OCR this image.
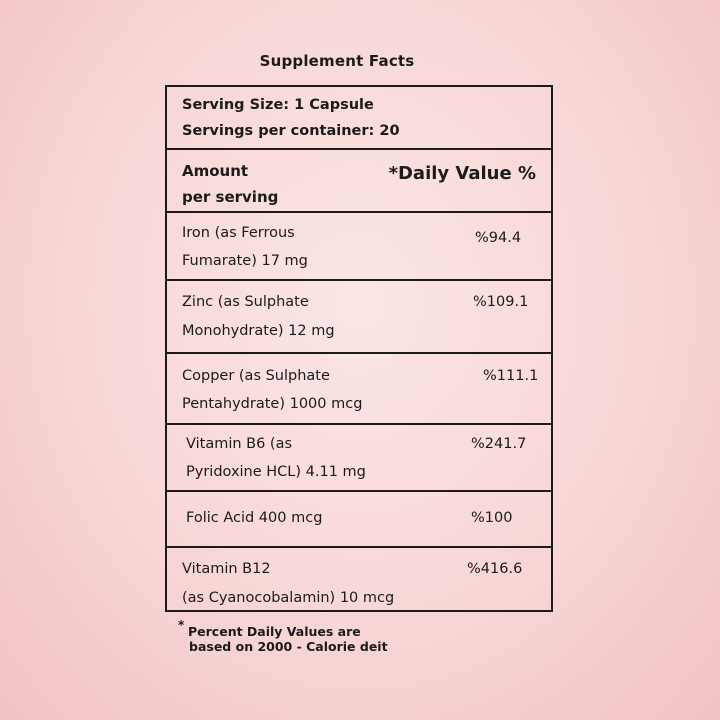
Supplement Facts
Serving Size: 1 Capsule
Servings per container: 20
Amount
per serving
*Daily Value %
Iron (as Ferrous
Fumarate) 17 mg
%94.4
Zinc (as Sulphate
Monohydrate) 12 mg
%109.1
Copper (as Sulphate
Pentahydrate) 1000 mcg
%111.1
Vitamin B6 (as
Pyridoxine HCL) 4.11 mg
%241.7
Folic Acid 400 mcg	%100
Vitamin B12
(as Cyanocobalamin) 10 mcg
%416.6
* Percent Daily Values are
based on 2000 - Calorie deit
